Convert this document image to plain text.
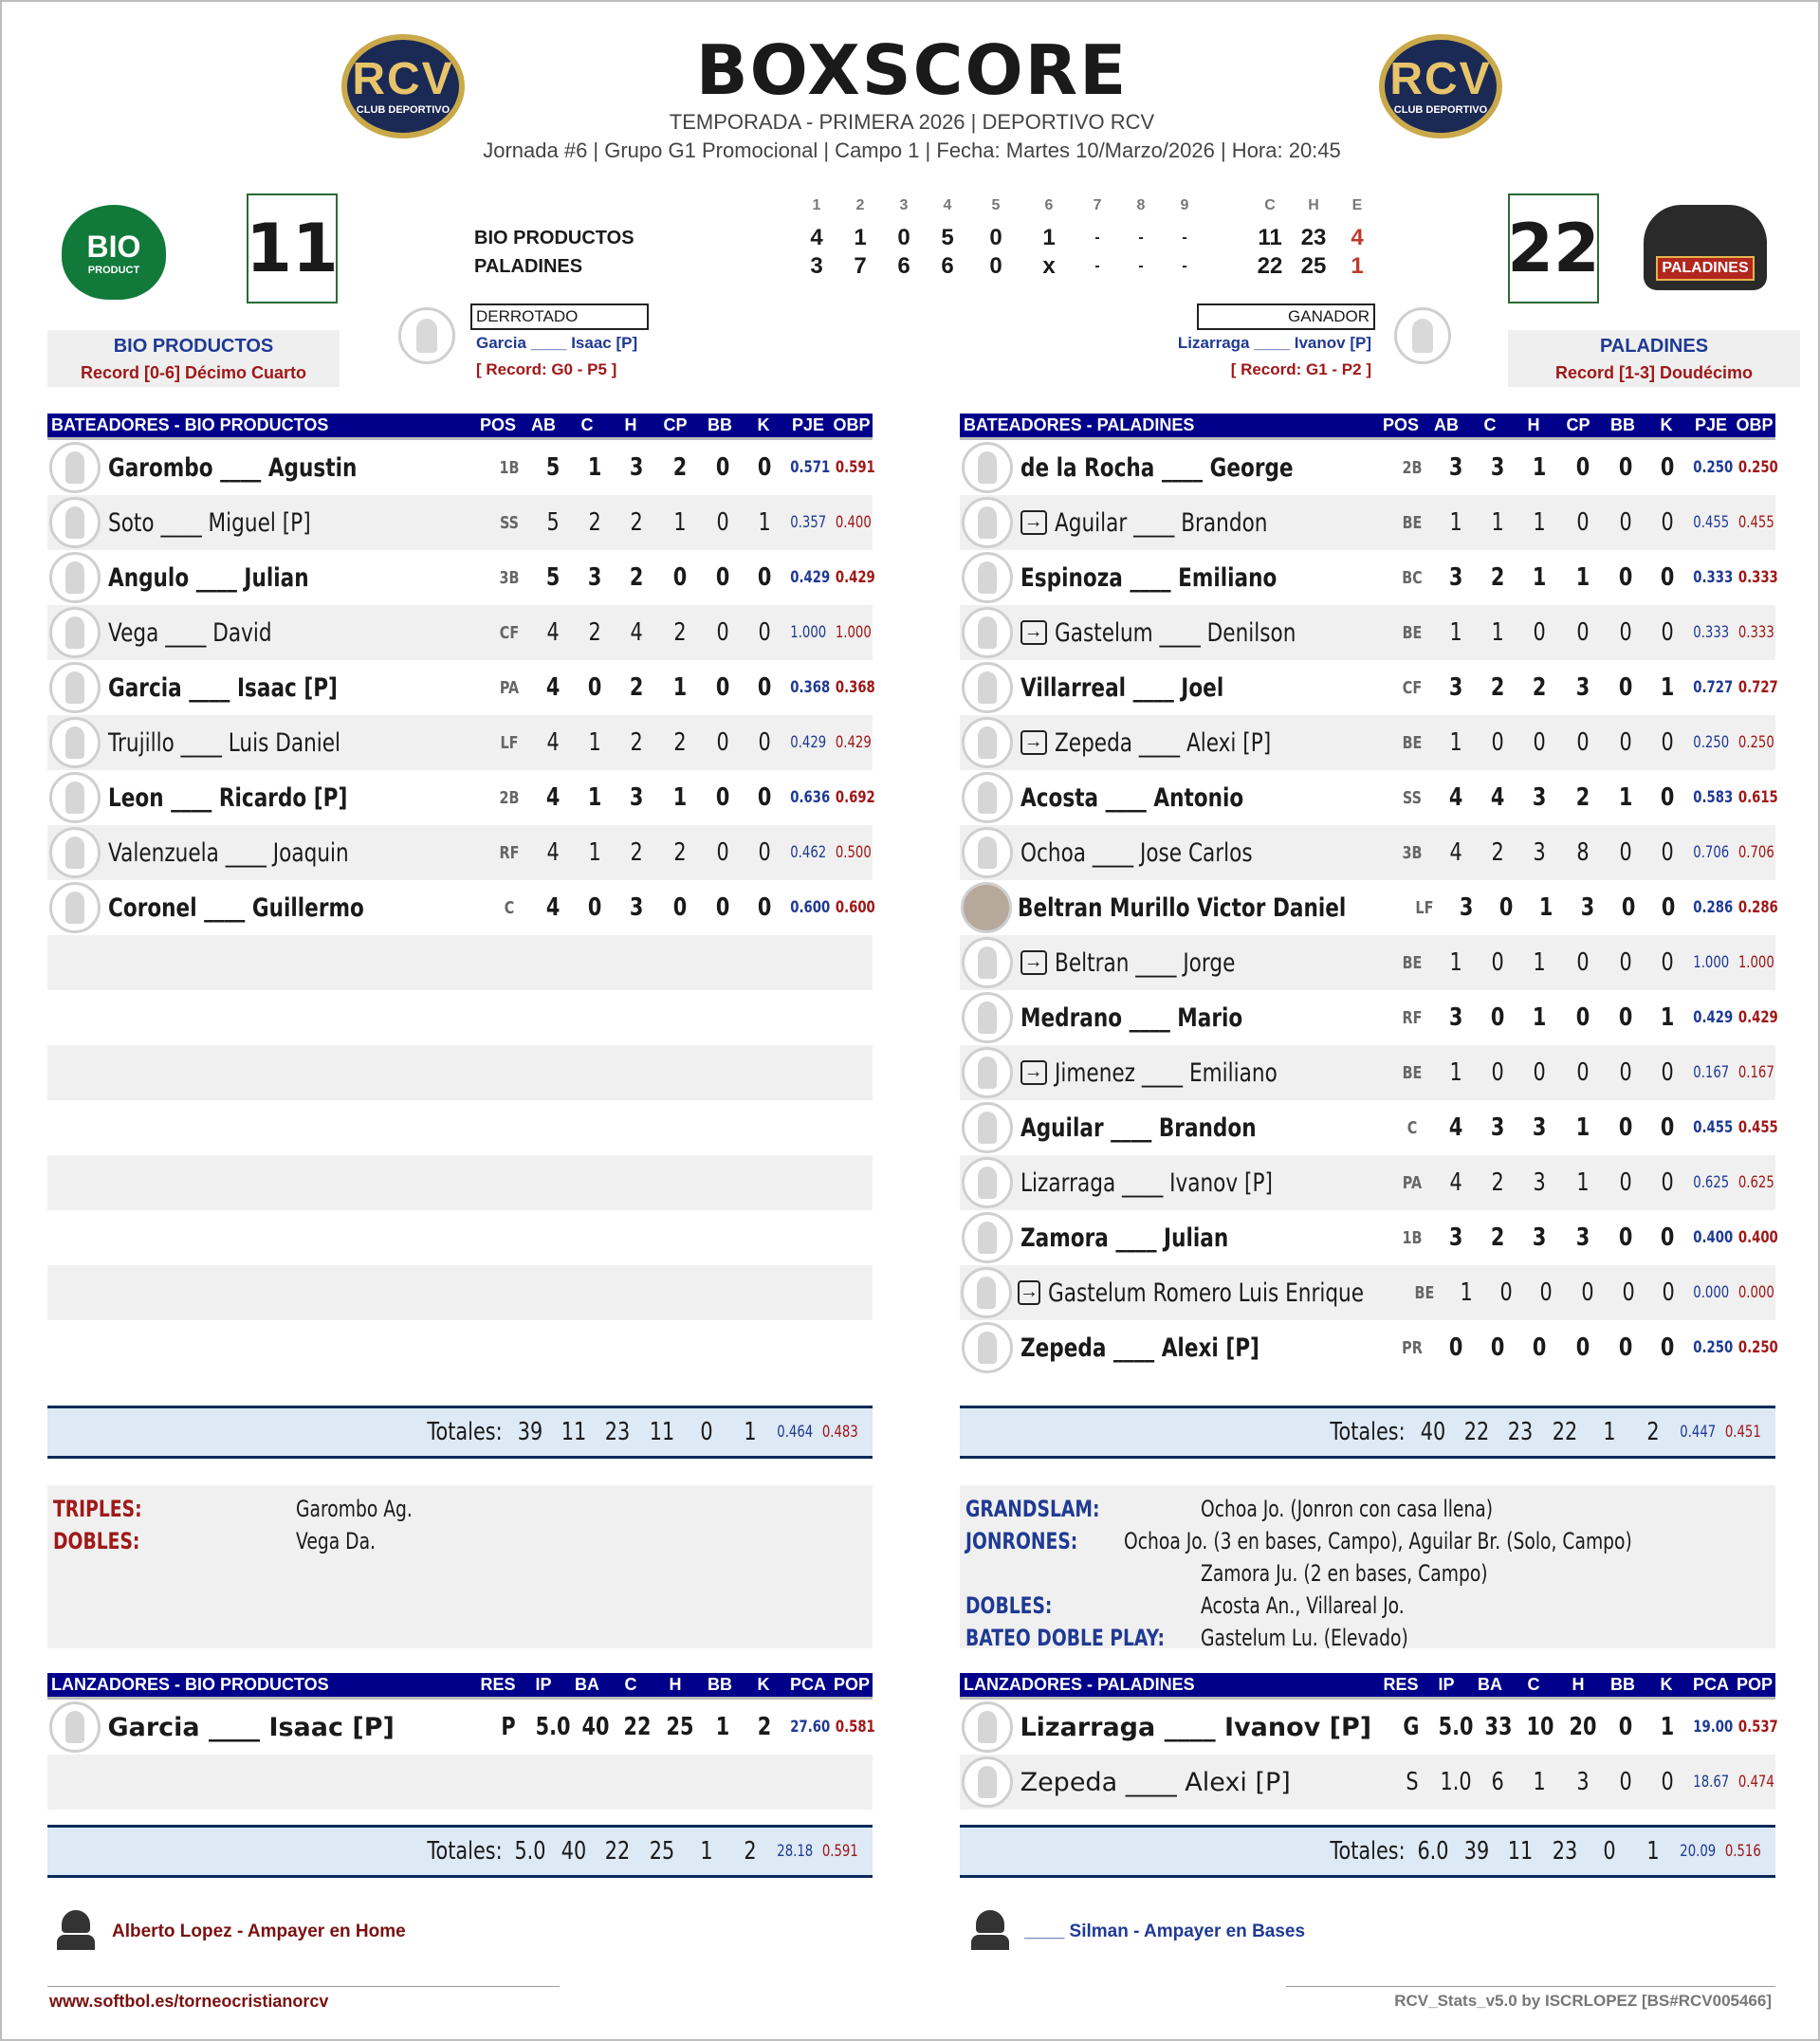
RCV
CLUB DEPORTIVO
RCV
CLUB DEPORTIVO
BOXSCORE
TEMPORADA - PRIMERA 2026 | DEPORTIVO RCV
Jornada #6 | Grupo G1 Promocional | Campo 1 | Fecha: Martes 10/Marzo/2026 | Hora: 20:45
BIO
PRODUCT 11
BIO PRODUCTOS
Record [0-6] Décimo Cuarto
22	PALADINES
PALADINES
Record [1-3] Doudécimo
1	2	3	4	5	6	7	8	9	C	H	E
BIO PRODUCTOS	4	1	0	5	0	1	-	-	-	11 23	4
PALADINES	3	7	6	6	0	x	-	-	-	22 25	1
DERROTADO
Garcia ____ Isaac [P]
[ Record: G0 - P5 ]
GANADOR
Lizarraga ____ Ivanov [P]
[ Record: G1 - P2 ]
BATEADORES - BIO PRODUCTOS	POS AB	C	H	CP	BB	K	PJE OBP
Garombo ____ Agustin	1B	5	1	3	2	0	0	0.571 0.591
Soto ____ Miguel [P]	SS	5	2	2	1	0	1	0.357 0.400
Angulo ____ Julian	3B	5	3	2	0	0	0	0.429 0.429
Vega ____ David	CF	4	2	4	2	0	0	1.000 1.000
Garcia ____ Isaac [P]	PA	4	0	2	1	0	0	0.368 0.368
Trujillo ____ Luis Daniel	LF	4	1	2	2	0	0	0.429 0.429
Leon ____ Ricardo [P]	2B	4	1	3	1	0	0	0.636 0.692
Valenzuela ____ Joaquin	RF	4	1	2	2	0	0	0.462 0.500
Coronel ____ Guillermo	C	4	0	3	0	0	0	0.600 0.600
Totales: 39 11 23 11	0	1	0.464 0.483
BATEADORES - PALADINES	POS AB	C	H	CP	BB	K	PJE OBP
de la Rocha ____ George	2B	3	3	1	0	0	0	0.250 0.250
→ Aguilar ____ Brandon	BE	1	1	1	0	0	0	0.455 0.455
Espinoza ____ Emiliano	BC	3	2	1	1	0	0	0.333 0.333
→ Gastelum ____ Denilson	BE	1	1	0	0	0	0	0.333 0.333
Villarreal ____ Joel	CF	3	2	2	3	0	1	0.727 0.727
→ Zepeda ____ Alexi [P]	BE	1	0	0	0	0	0	0.250 0.250
Acosta ____ Antonio	SS	4	4	3	2	1	0	0.583 0.615
Ochoa ____ Jose Carlos	3B	4	2	3	8	0	0	0.706 0.706
Beltran Murillo Victor Daniel	LF	3	0	1	3	0	0	0.286 0.286
→ Beltran ____ Jorge	BE	1	0	1	0	0	0	1.000 1.000
Medrano ____ Mario	RF	3	0	1	0	0	1	0.429 0.429
→ Jimenez ____ Emiliano	BE	1	0	0	0	0	0	0.167 0.167
Aguilar ____ Brandon	C	4	3	3	1	0	0	0.455 0.455
Lizarraga ____ Ivanov [P]	PA	4	2	3	1	0	0	0.625 0.625
Zamora ____ Julian	1B	3	2	3	3	0	0	0.400 0.400
→ Gastelum Romero Luis Enrique	BE	1	0	0	0	0	0	0.000 0.000
Zepeda ____ Alexi [P]	PR	0	0	0	0	0	0	0.250 0.250
Totales: 40 22 23 22	1	2	0.447 0.451
TRIPLES:	Garombo Ag.
DOBLES:	Vega Da.
GRANDSLAM:	Ochoa Jo. (Jonron con casa llena)
JONRONES:	Ochoa Jo. (3 en bases, Campo), Aguilar Br. (Solo, Campo)
Zamora Ju. (2 en bases, Campo)
DOBLES:	Acosta An., Villareal Jo.
BATEO DOBLE PLAY: Gastelum Lu. (Elevado)
LANZADORES - BIO PRODUCTOS	RES	IP	BA	C	H	BB	K	PCA POP
Garcia ____ Isaac [P]	P 5.0 40 22 25 1	2	27.60 0.581
Totales: 5.0 40 22 25	1	2	28.18 0.591
LANZADORES - PALADINES	RES	IP	BA	C	H	BB	K	PCA POP
Lizarraga ____ Ivanov [P]	G 5.0 33 10 20 0	1	19.00 0.537
Zepeda ____ Alexi [P]	S 1.0 6	1	3	0	0	18.67 0.474
Totales: 6.0 39 11 23	0	1	20.09 0.516
Alberto Lopez - Ampayer en Home	____ Silman - Ampayer en Bases
www.softbol.es/torneocristianorcv	RCV_Stats_v5.0 by ISCRLOPEZ [BS#RCV005466]
